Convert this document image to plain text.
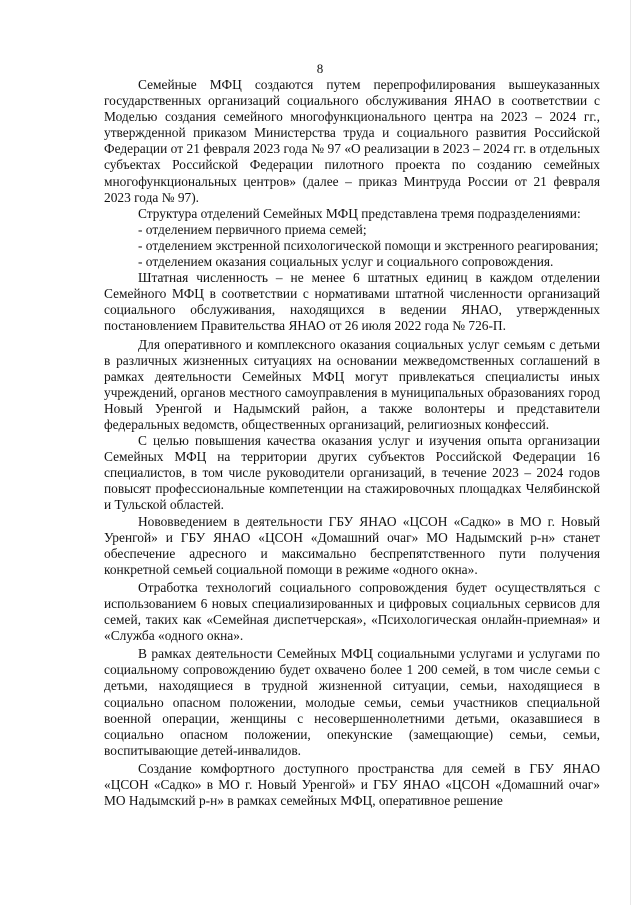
8

Семейные МФЦ создаются путем перепрофилирования вышеуказанных государственных организаций социального обслуживания ЯНАО в соответствии с Моделью создания семейного многофункционального центра на 2023 – 2024 гг., утвержденной приказом Министерства труда и социального развития Российской Федерации от 21 февраля 2023 года № 97 «О реализации в 2023 – 2024 гг. в отдельных субъектах Российской Федерации пилотного проекта по созданию семейных многофункциональных центров» (далее – приказ Минтруда России от 21 февраля 2023 года № 97).

Структура отделений Семейных МФЦ представлена тремя подразделениями:

- отделением первичного приема семей;

- отделением экстренной психологической помощи и экстренного реагирования;

- отделением оказания социальных услуг и социального сопровождения.

Штатная численность – не менее 6 штатных единиц в каждом отделении Семейного МФЦ в соответствии с нормативами штатной численности организаций социального обслуживания, находящихся в ведении ЯНАО, утвержденных постановлением Правительства ЯНАО от 26 июля 2022 года № 726-П.

Для оперативного и комплексного оказания социальных услуг семьям с детьми в различных жизненных ситуациях на основании межведомственных соглашений в рамках деятельности Семейных МФЦ могут привлекаться специалисты иных учреждений, органов местного самоуправления в муниципальных образованиях город Новый Уренгой и Надымский район, а также волонтеры и представители федеральных ведомств, общественных организаций, религиозных конфессий.

С целью повышения качества оказания услуг и изучения опыта организации Семейных МФЦ на территории других субъектов Российской Федерации 16 специалистов, в том числе руководители организаций, в течение 2023 – 2024 годов повысят профессиональные компетенции на стажировочных площадках Челябинской и Тульской областей.

Нововведением в деятельности ГБУ ЯНАО «ЦСОН «Садко» в МО г. Новый Уренгой» и ГБУ ЯНАО «ЦСОН «Домашний очаг» МО Надымский р-н» станет обеспечение адресного и максимально беспрепятственного пути получения конкретной семьей социальной помощи в режиме «одного окна».

Отработка технологий социального сопровождения будет осуществляться с использованием 6 новых специализированных и цифровых социальных сервисов для семей, таких как «Семейная диспетчерская», «Психологическая онлайн-приемная» и «Служба «одного окна».

В рамках деятельности Семейных МФЦ социальными услугами и услугами по социальному сопровождению будет охвачено более 1 200 семей, в том числе семьи с детьми, находящиеся в трудной жизненной ситуации, семьи, находящиеся в социально опасном положении, молодые семьи, семьи участников специальной военной операции, женщины с несовершеннолетними детьми, оказавшиеся в социально опасном положении, опекунские (замещающие) семьи, семьи, воспитывающие детей-инвалидов.

Создание комфортного доступного пространства для семей в ГБУ ЯНАО «ЦСОН «Садко» в МО г. Новый Уренгой» и ГБУ ЯНАО «ЦСОН «Домашний очаг» МО Надымский р-н» в рамках семейных МФЦ, оперативное решение
